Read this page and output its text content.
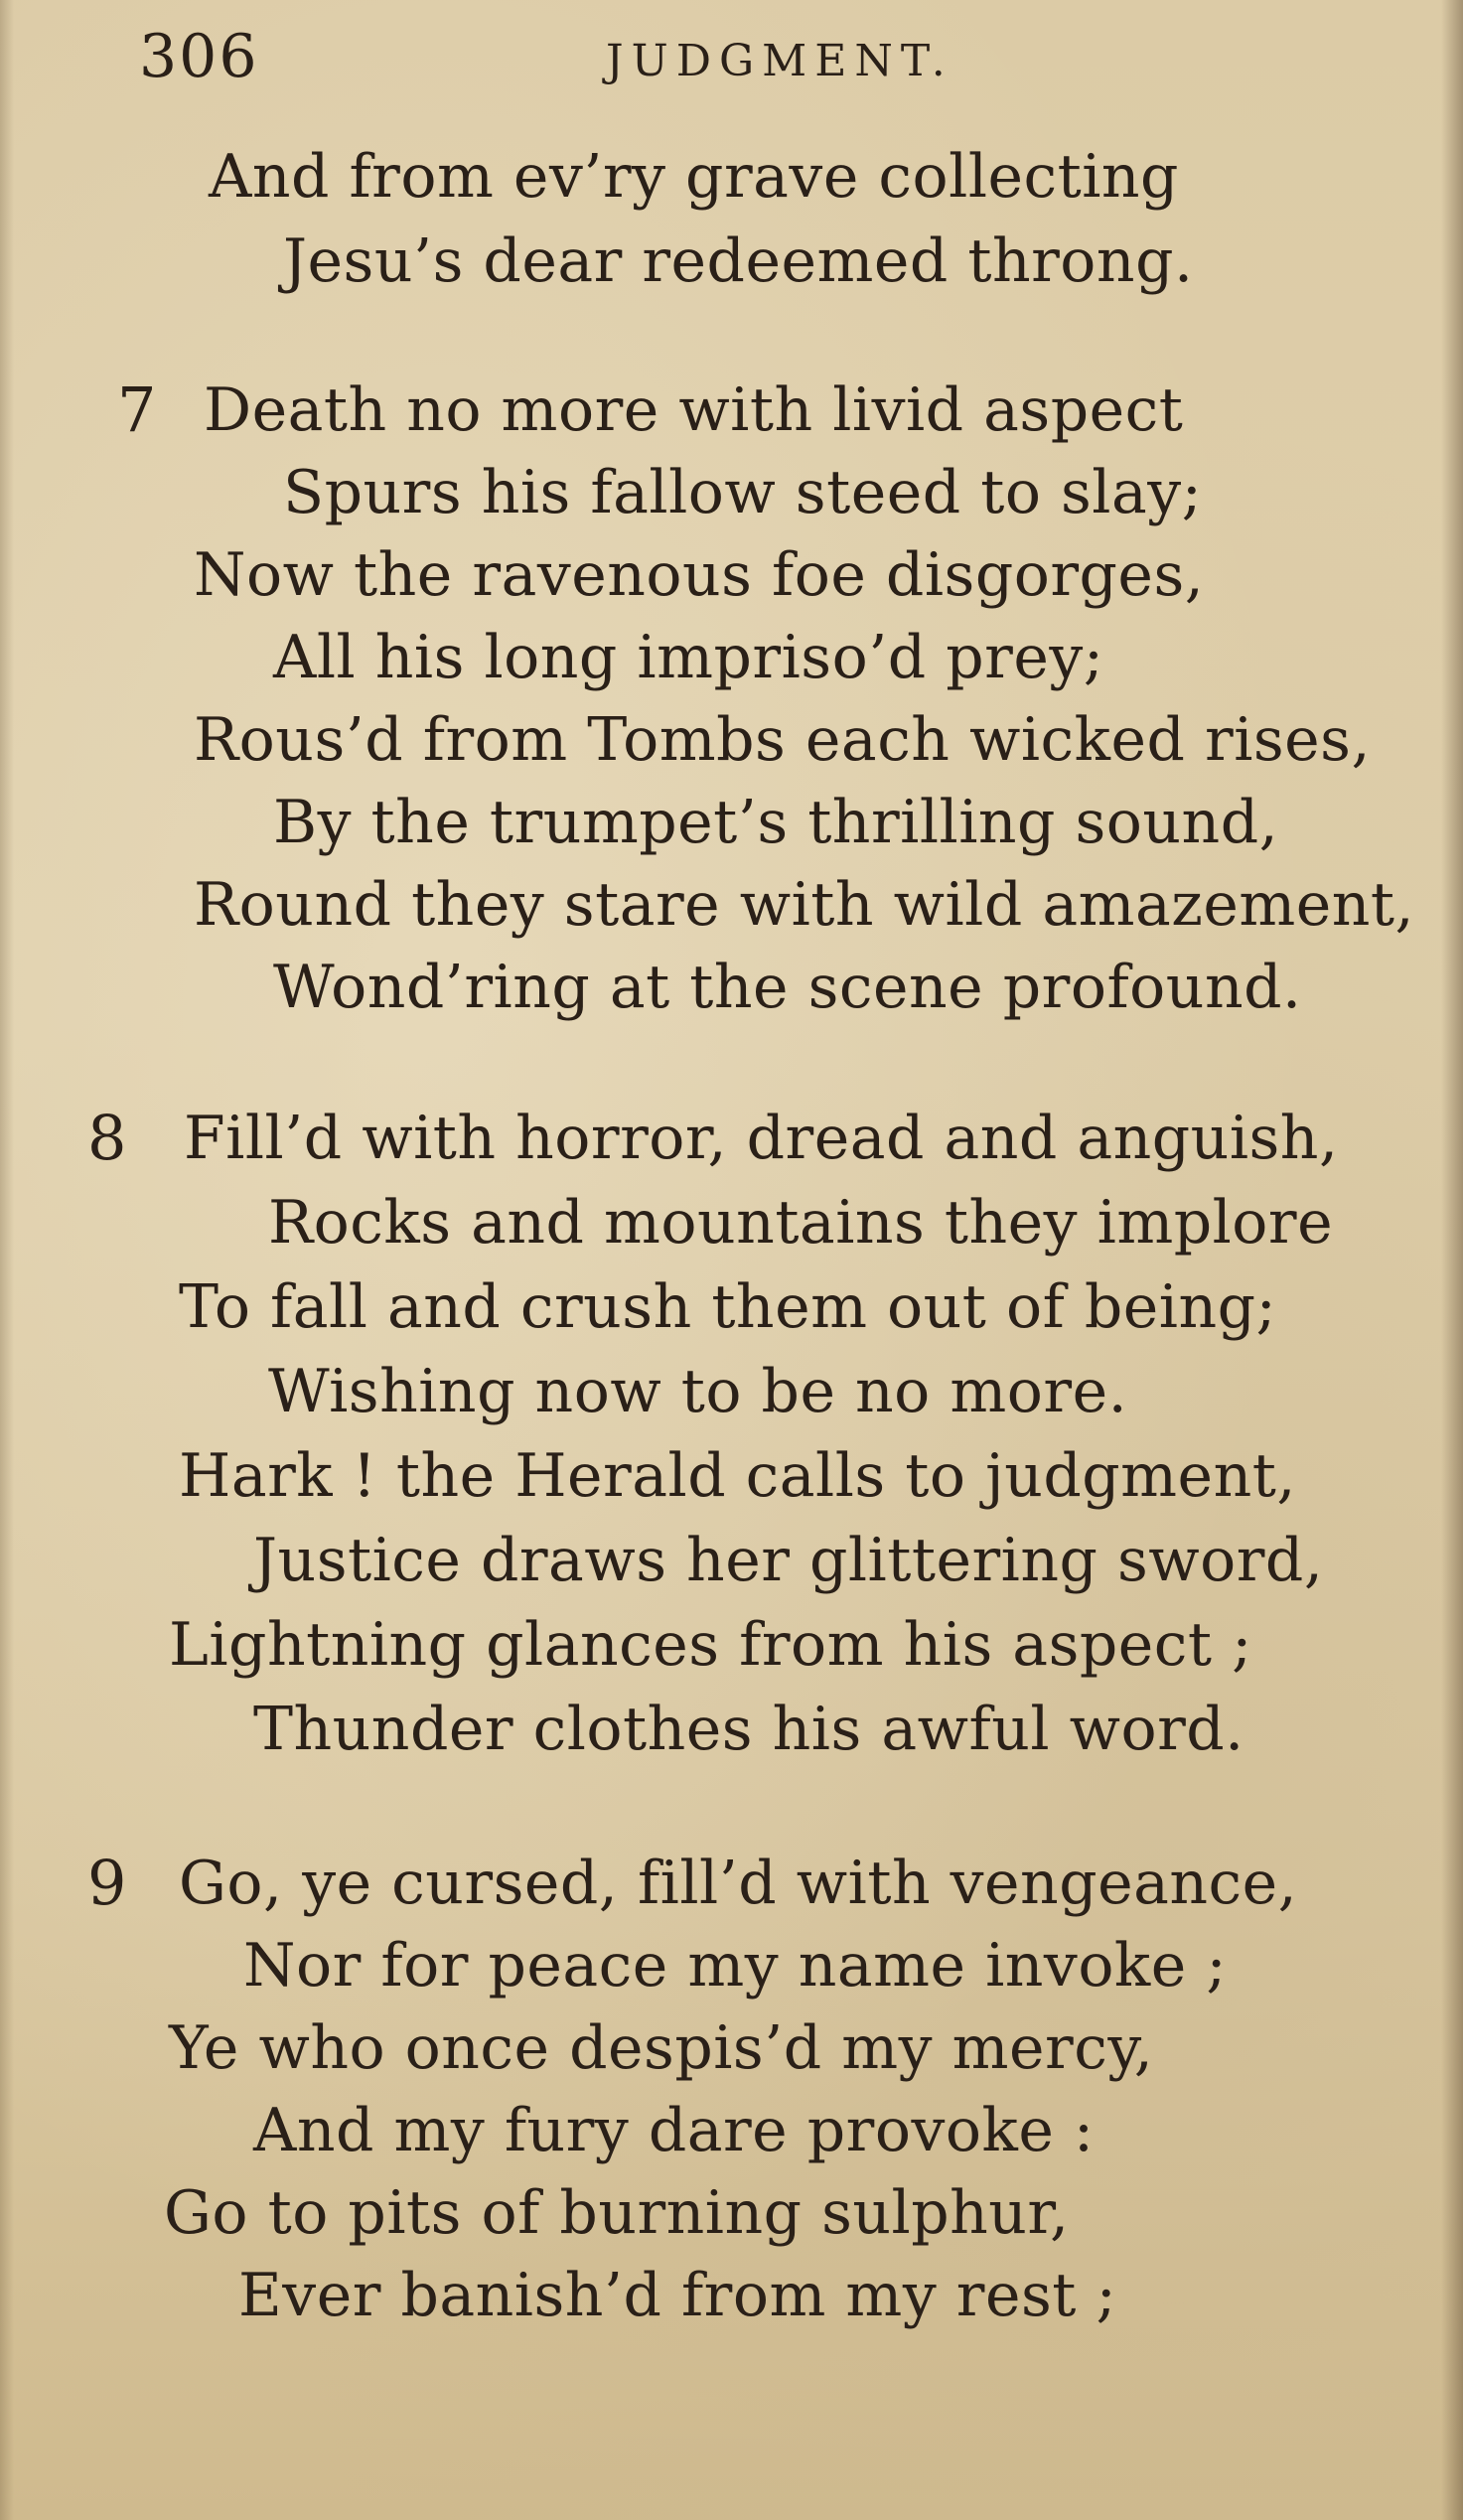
306	JUDGMENT.
And from ev’ry grave collecting
Jesu’s dear redeemed throng.
7 Death no more with livid aspect
Spurs his fallow steed to slay;
Now the ravenous foe disgorges,
All his long impriso’d prey;
Rous’d from Tombs each wicked rises,
By the trumpet’s thrilling sound,
Round they stare with wild amazement,
Wond’ring at the scene profound.
8 Fill’d with horror, dread and anguish,
Rocks and mountains they implore
To fall and crush them out of being;
Wishing now to be no more.
Hark ! the Herald calls to judgment,
Justice draws her glittering sword,
Lightning glances from his aspect ;
Thunder clothes his awful word.
9 Go, ye cursed, fill’d with vengeance,
Nor for peace my name invoke ;
Ye who once despis’d my mercy,
And my fury dare provoke :
Go to pits of burning sulphur,
Ever banish’d from my rest ;
